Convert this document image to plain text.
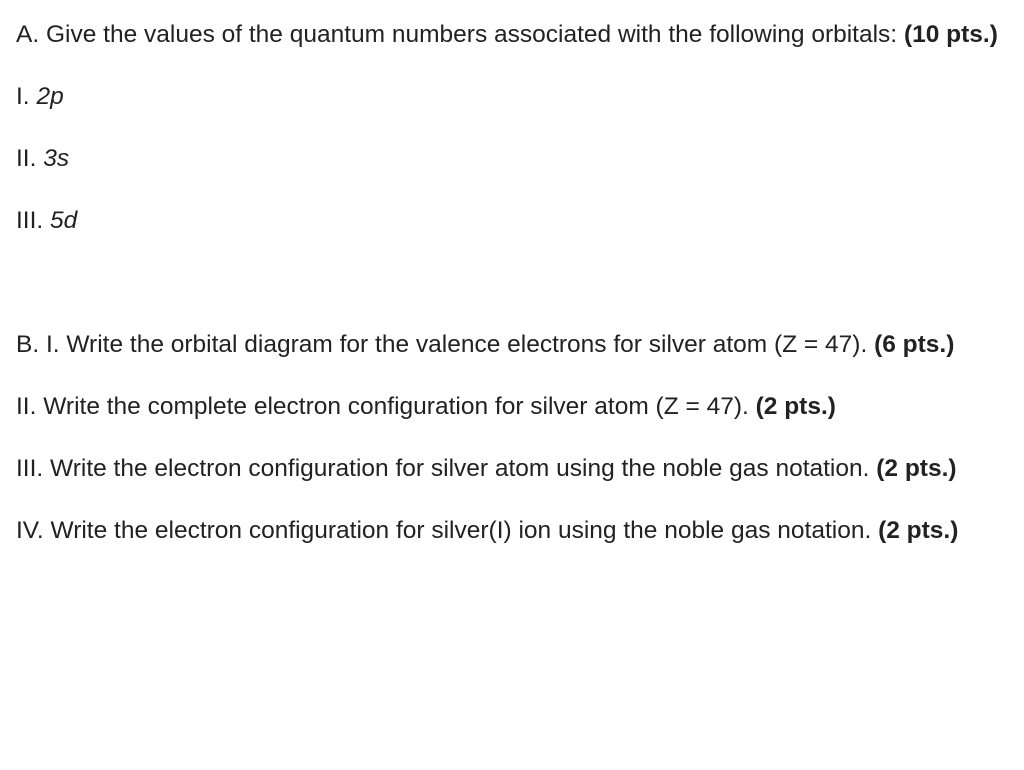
A. Give the values of the quantum numbers associated with the following orbitals: (10 pts.)

I. 2p

II. 3s

III. 5d

B. I. Write the orbital diagram for the valence electrons for silver atom (Z = 47). (6 pts.)

II. Write the complete electron configuration for silver atom (Z = 47). (2 pts.)

III. Write the electron configuration for silver atom using the noble gas notation. (2 pts.)

IV. Write the electron configuration for silver(I) ion using the noble gas notation. (2 pts.)
